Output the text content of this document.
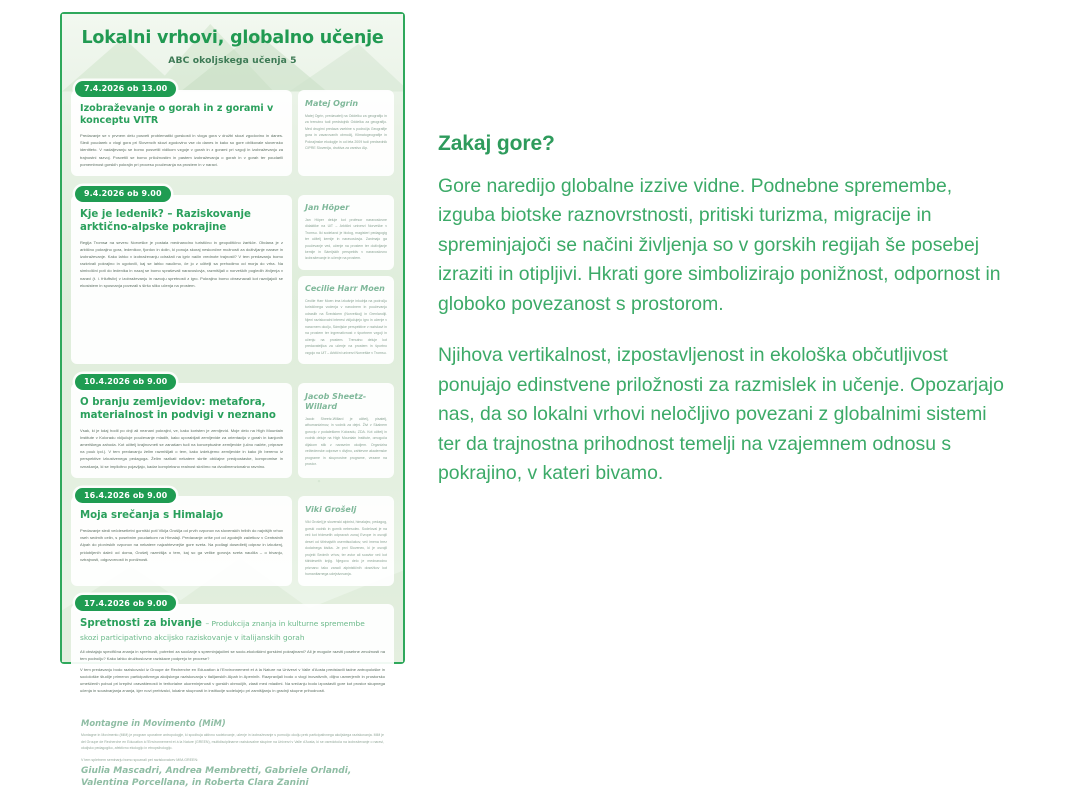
Lokalni vrhovi, globalno učenje
ABC okoljskega učenja 5
7.4.2026 ob 13.00
Izobraževanje o gorah in z gorami v konceptu VITR

Predavanje se v prvnem delu posveti problematiki gorskosti in vloga gora v družbi skozi zgodovino in danes. Sledi poudarek o vlogi gora pri Slovencih skozi zgodovino vse do danes in kako so gore oblikovale slovensko identiteto. V nadaljevanju se bomo posvetili vidikom vzgoje v gorah in z gorami pri vzgoji in izobraževanju za trajnostni razvoj. Posvetili se bomo priložnostim in pastem izobraževanja o gorah in v gorah ter poudarili pomembnost gorskih pokrajin pri procesu poučevanja na prostem in v naravi.

Matej Ogrin

Matej Ogrin, predavatelj na Oddelku za geografijo in za trenutno tudi predstojnik Oddelka za geografijo. Med drugimi predava vsebine s področja Geografije gora in zavarovanih območij, Klimatogeografije in Pokrajinske ekologije in od leta 2009 tudi predsednik CIPRE Slovenija, društva za varstvo Alp.

9.4.2026 ob 9.00
Kje je ledenik? – Raziskovanje arktično-alpske pokrajine

Regija Tromsø na severu Norveške je postala mednarodno turistično in geopolitično žarišče. Obdana je z arktično pokrajino gora, ledenikov, fjordov in dolin, ki ponuja skoraj neskončne možnosti za doživljanje narave in izobraževanje. Kako lahko v izobraževanju odražati na igriv način vrednote trajnosti? V tem predavanju bomo razkrivali pokrajino in ugotovili, kaj se lahko naučimo, če jo z učitelji sa prehodimo od morja do vrha. Na simbolični poti do ledenika in nazaj se bomo spraševali naravoslovja, razmišljali o norveških pogledih življenja v naravi (t. i. friluftsliv) v izobraževanju in razvoju spretnosti z igro. Pokrajino bomo obravnavali kot razvijajoči se ekosistem in sposnanja povezali s širšo sliko učenja na prostem.

Jan Höper

Jan Höper deluje kot profesor naravoslovne didaktike na UiT – Arktični univerzi Norveške v Tromsu. Iki sodelavci je biolog, magisteri pedagogig ter učitelj kemije in naravoslovja. Zanimajo ga poučevanje ved, učenje na prostem ter doživljanje kemije in Sámijskih perspektiv v naravoslovno izobraževanje in učenje na prostem.

Cecilie Harr Moen

Cecilie Harr Moen ima izkušnje inkulrija na področju turističnega vodenja v narodnem in poučevanju odraslih na Švedskem (Norveškoj) in Grenlandiji. Njeni raziskovalni interesi vključujejo igro in učenje v naravnem okolju, Sámijske perspektive v raziskavi in na prostem ter ingrenativnost v športnem vzgoji in učenju na prostem. Trenutno deluje kot predavateljica za učenje na prostem in športno vzgojo na UiT – Arktični univerzi Norveške v Tromsu.

10.4.2026 ob 9.00
O branju zemljevidov: metafora, materialnost in podvigi v neznano

Vsak, ki je kdaj hodil po dnji ali neznani pokrajini, ve, kako koristen je zemljevid. Moje delo na High Mountain Institute v Koloradu vključuje poučevanje mladih, kako uporabljati zemljevide za orientacijo v gorah in kanjonih ameriškega zahoda. Kot učitelj krajinovneti se zanašam tudi na konceptualne zemljevide (učno načrte, priprave na pouk ipd.). V tem predavanju želim razmišljati o tem, kako izdelujemo zemljevide in kako jih beremo iz perspektive izkustvenega pedagoga. Želim razikati nekatere skrite običajne predpostavke, kompromise in vznašanja, ki se implicitno pojavljajo, kadar kompleksno realnost skrčimo na dvodimenzionalno ravnino.

Jacob Sheetz-Willard

Jacob Sheetz-Willard je učitelj, pisatelj, athumanizimov, in vodnik za dejni. Živi v Skalnem gorovju v podaleškem Koloradu, ZDA. Kot učitelj in vodnik deluje na High Mountain Institute, omogoča dijakom stik z naravnim okoljem. Organizira večtedenske odprave v divjino, zahtevne akademske programe in skupnostne programe, vezane na prostor.

16.4.2026 ob 9.00
Moja srečanja s Himalajo

Predavanje sledi večdesetletni gorniški poti Vikija Grošlja od prvih vzponov na slovenskih hribih do najvišjih vrhov vseh sedmih celin, s posebnim poudarkom na Himalaji. Predavanje oriše pot od zgodnjih začetkov v Centralnih Alpah do pionirskih vzponov na nekatere najzahtevnejše gore sveta. Na podlagi dosedletij odprav in izkušenj, pridobljenih daleč od doma, Grošelj razmišlja o tem, kaj so ga velike gorovja sveta naučila – o bivanju, vztrajnosti, odgovornosti in ponižnosti.

Viki Grošelj

Viki Grošelj je slovenski alpinist, himalajec, pedagog, gorski vodnik in gornik nebesolec. Sodeloval je na več kot tridesetih odpravah zunaj Evrope in osvojil deset od štirinajstih osemtisočakov, več imena brez dodatnega kisika. Je prvi Slovenec, ki je osvojil projekt Sedmih vrhov, ter avtor ali soavtor več kot štiridesetih knjig. Njegovo delo je mednarodno priznano tako zaradi alpinističnih dosežkov kot humanitarnega udejstvovanja.

17.4.2026 ob 9.00
Spretnosti za bivanje – Produkcija znanja in kulturne spremembe skozi participativno akcijsko raziskovanje v italijanskih gorah

Ali obstajajo specifična znanja in spretnosti, potrebni za soočanje s spreminjajočimi se socio-ekološkimi gorskimi pokrajinami? Ali je mogoče razviti posebne zmožnosti na tem področju? Kako lahko družboslovne raziskave podprejo te procese?

V tem predavanju bodo raziskovalci iz Groupe de Recherche en Education à l'Environnement et à la Nature na Univerzi v Valle d'Aosta predstavili tadne antropološke in sociološke študije primerov participativnega akcijskega raziskovanja v italijanskih Alpah in Apeninih. Razpravljali bodo o vlogi inovativnih, diljno usmerjenih in prostorsko umeščenih pobud pri krepitvi oravaštenosti in teritorialne ukoreninjenosti v gorskih območjih, zlasti med mladimi. Na srečanju bodo izpostavili gore kot prostor skupnega učenja in soustvarjanja znanja, kjer novi prebivalci, lokalne skupnosti in institucije sodelujejo pri zamišljanju in gradnji skupne prihodnosti.

Montagne in Movimento (MiM)

Montagne in Movimento (MiM) je program uporabne antropologije, ki spodbuja aktivno sodelovanje, učenje in izobraževanje s pomočjo okolju prek participativnega akcijskega raziskovanja. MiM je del Groupe de Recherche en Education à l'Environnement et à la Nature (GREEN), multidisciplinarne raziskovalne skupine na Univerzi v Valle d'Aosta, ki se osredotoča na izobraževanje o naravi, okoljsko pedagogiko, afektivno ekologijo in etnopsihologijo.

V tem spletnem seminarju bomo spoznali pet raziskovalcev MiM-GREEN:

Giulia Mascadri, Andrea Membretti, Gabriele Orlandi, Valentina Porcellana, in Roberta Clara Zanini

Zakaj gore?

Gore naredijo globalne izzive vidne. Podnebne spremembe, izguba biotske raznovrstnosti, pritiski turizma, migracije in spreminjajoči se načini življenja so v gorskih regijah še posebej izraziti in otipljivi. Hkrati gore simbolizirajo ponižnost, odpornost in globoko povezanost s prostorom.

Njihova vertikalnost, izpostavljenost in ekološka občutljivost ponujajo edinstvene priložnosti za razmislek in učenje. Opozarjajo nas, da so lokalni vrhovi neločljivo povezani z globalnimi sistemi ter da trajnostna prihodnost temelji na vzajemnem odnosu s pokrajino, v kateri bivamo.
